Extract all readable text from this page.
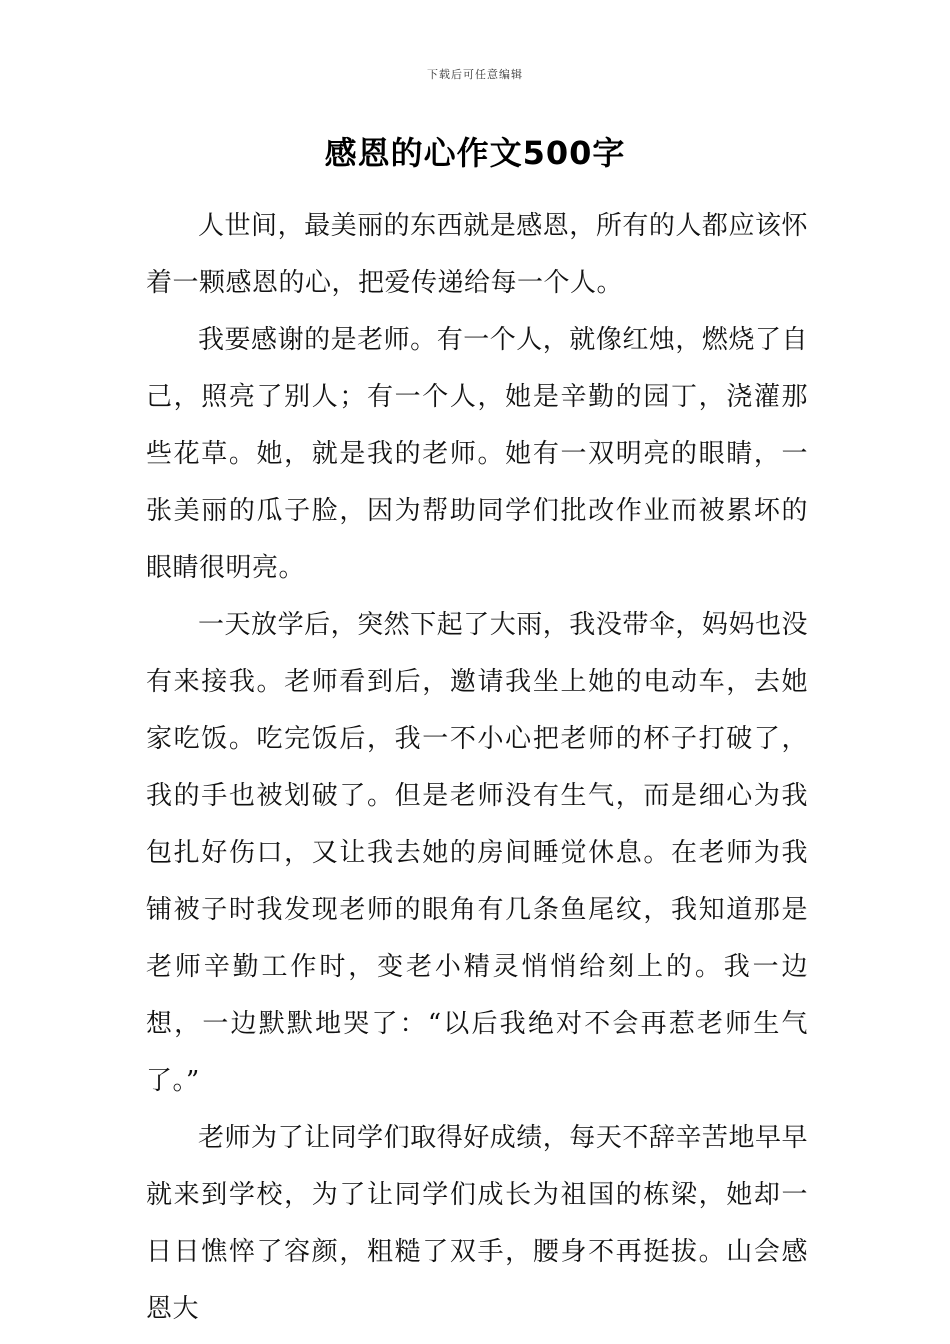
下载后可任意编辑
感恩的心作文500字

人世间，最美丽的东西就是感恩，所有的人都应该怀着一颗感恩的心，把爱传递给每一个人。

我要感谢的是老师。有一个人，就像红烛，燃烧了自己，照亮了别人；有一个人，她是辛勤的园丁，浇灌那些花草。她，就是我的老师。她有一双明亮的眼睛，一张美丽的瓜子脸，因为帮助同学们批改作业而被累坏的眼睛很明亮。

一天放学后，突然下起了大雨，我没带伞，妈妈也没有来接我。老师看到后，邀请我坐上她的电动车，去她家吃饭。吃完饭后，我一不小心把老师的杯子打破了，我的手也被划破了。但是老师没有生气，而是细心为我包扎好伤口，又让我去她的房间睡觉休息。在老师为我铺被子时我发现老师的眼角有几条鱼尾纹，我知道那是老师辛勤工作时，变老小精灵悄悄给刻上的。我一边想，一边默默地哭了：“以后我绝对不会再惹老师生气了。”

老师为了让同学们取得好成绩，每天不辞辛苦地早早就来到学校，为了让同学们成长为祖国的栋梁，她却一日日憔悴了容颜，粗糙了双手，腰身不再挺拔。山会感恩大
